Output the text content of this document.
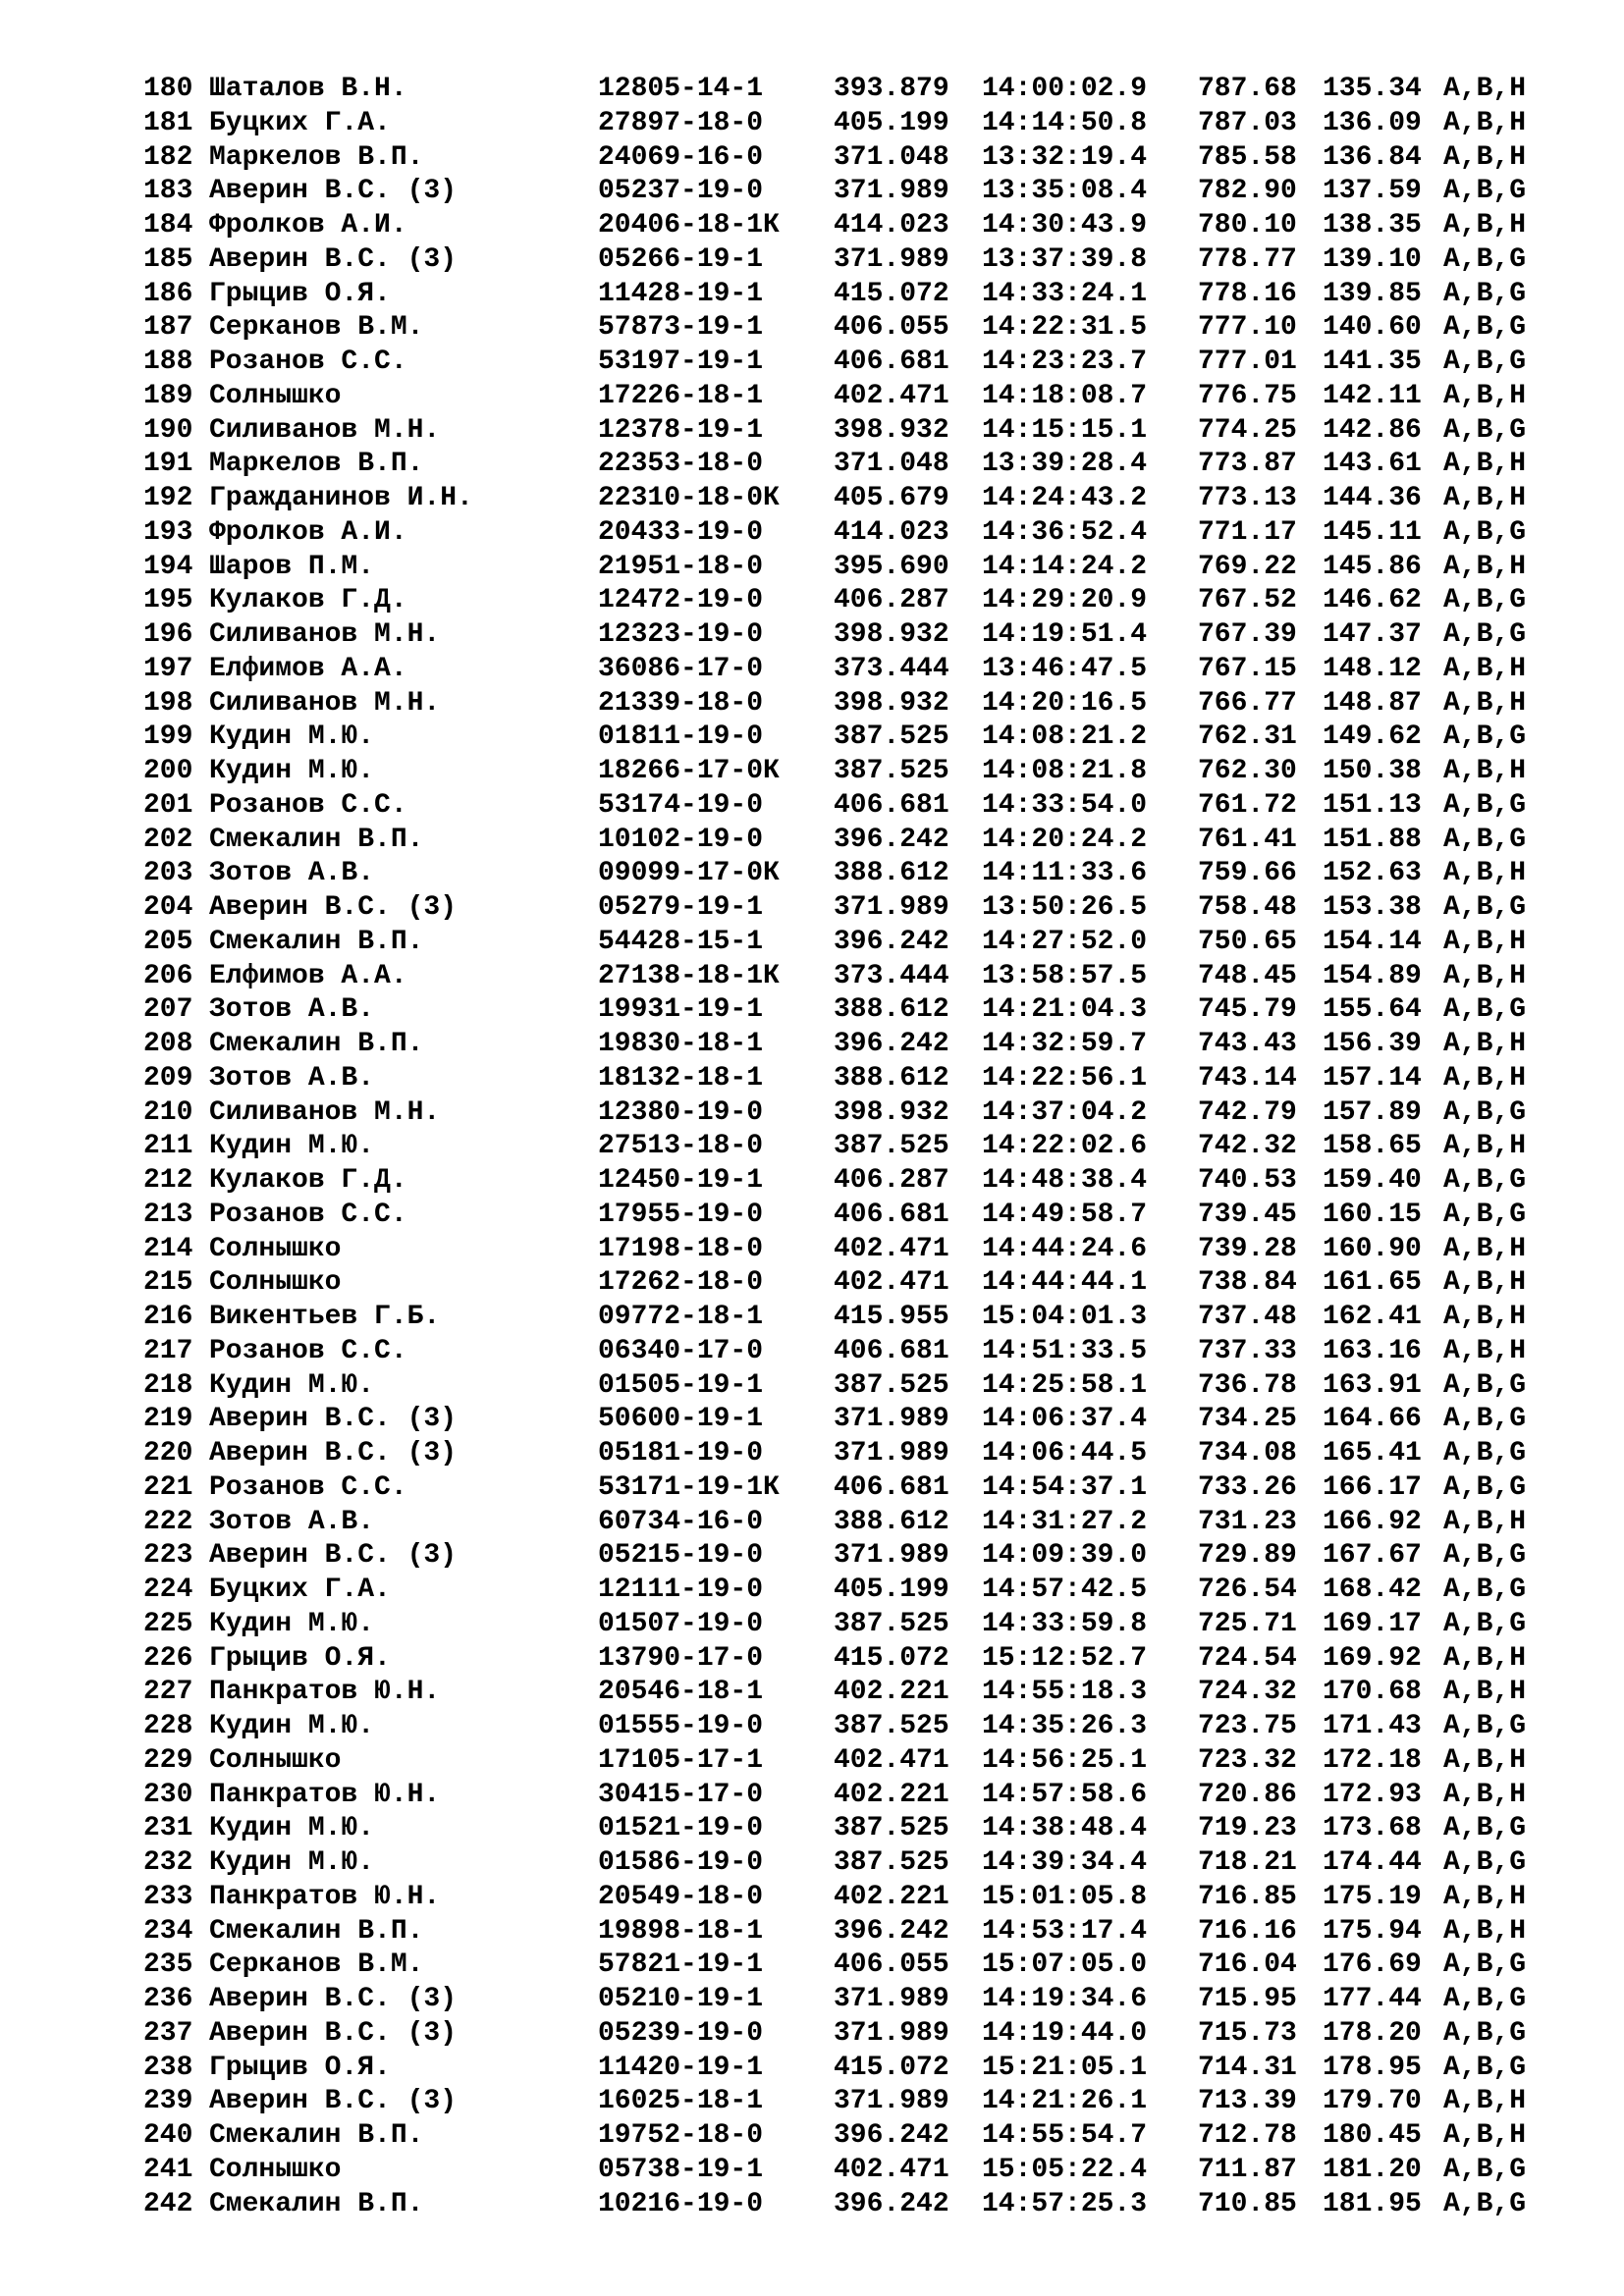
180 Шаталов В.Н.	12805-14-1	393.879	14:00:02.9	787.68 135.34 A,B,H
181 Буцких Г.А.	27897-18-0	405.199	14:14:50.8	787.03 136.09 A,B,H
182 Маркелов В.П.	24069-16-0	371.048	13:32:19.4	785.58 136.84 A,B,H
183 Аверин В.С. (3)	05237-19-0	371.989	13:35:08.4	782.90 137.59 A,B,G
184 Фролков А.И.	20406-18-1К	414.023	14:30:43.9	780.10 138.35 A,B,H
185 Аверин В.С. (3)	05266-19-1	371.989	13:37:39.8	778.77 139.10 A,B,G
186 Грыцив О.Я.	11428-19-1	415.072	14:33:24.1	778.16 139.85 A,B,G
187 Серканов В.М.	57873-19-1	406.055	14:22:31.5	777.10 140.60 A,B,G
188 Розанов С.С.	53197-19-1	406.681	14:23:23.7	777.01 141.35 A,B,G
189 Солнышко	17226-18-1	402.471	14:18:08.7	776.75 142.11 A,B,H
190 Силиванов М.Н.	12378-19-1	398.932	14:15:15.1	774.25 142.86 A,B,G
191 Маркелов В.П.	22353-18-0	371.048	13:39:28.4	773.87 143.61 A,B,H
192 Гражданинов И.Н.	22310-18-0К	405.679	14:24:43.2	773.13 144.36 A,B,H
193 Фролков А.И.	20433-19-0	414.023	14:36:52.4	771.17 145.11 A,B,G
194 Шаров П.М.	21951-18-0	395.690	14:14:24.2	769.22 145.86 A,B,H
195 Кулаков Г.Д.	12472-19-0	406.287	14:29:20.9	767.52 146.62 A,B,G
196 Силиванов М.Н.	12323-19-0	398.932	14:19:51.4	767.39 147.37 A,B,G
197 Елфимов А.А.	36086-17-0	373.444	13:46:47.5	767.15 148.12 A,B,H
198 Силиванов М.Н.	21339-18-0	398.932	14:20:16.5	766.77 148.87 A,B,H
199 Кудин М.Ю.	01811-19-0	387.525	14:08:21.2	762.31 149.62 A,B,G
200 Кудин М.Ю.	18266-17-0К	387.525	14:08:21.8	762.30 150.38 A,B,H
201 Розанов С.С.	53174-19-0	406.681	14:33:54.0	761.72 151.13 A,B,G
202 Смекалин В.П.	10102-19-0	396.242	14:20:24.2	761.41 151.88 A,B,G
203 Зотов А.В.	09099-17-0К	388.612	14:11:33.6	759.66 152.63 A,B,H
204 Аверин В.С. (3)	05279-19-1	371.989	13:50:26.5	758.48 153.38 A,B,G
205 Смекалин В.П.	54428-15-1	396.242	14:27:52.0	750.65 154.14 A,B,H
206 Елфимов А.А.	27138-18-1К	373.444	13:58:57.5	748.45 154.89 A,B,H
207 Зотов А.В.	19931-19-1	388.612	14:21:04.3	745.79 155.64 A,B,G
208 Смекалин В.П.	19830-18-1	396.242	14:32:59.7	743.43 156.39 A,B,H
209 Зотов А.В.	18132-18-1	388.612	14:22:56.1	743.14 157.14 A,B,H
210 Силиванов М.Н.	12380-19-0	398.932	14:37:04.2	742.79 157.89 A,B,G
211 Кудин М.Ю.	27513-18-0	387.525	14:22:02.6	742.32 158.65 A,B,H
212 Кулаков Г.Д.	12450-19-1	406.287	14:48:38.4	740.53 159.40 A,B,G
213 Розанов С.С.	17955-19-0	406.681	14:49:58.7	739.45 160.15 A,B,G
214 Солнышко	17198-18-0	402.471	14:44:24.6	739.28 160.90 A,B,H
215 Солнышко	17262-18-0	402.471	14:44:44.1	738.84 161.65 A,B,H
216 Викентьев Г.Б.	09772-18-1	415.955	15:04:01.3	737.48 162.41 A,B,H
217 Розанов С.С.	06340-17-0	406.681	14:51:33.5	737.33 163.16 A,B,H
218 Кудин М.Ю.	01505-19-1	387.525	14:25:58.1	736.78 163.91 A,B,G
219 Аверин В.С. (3)	50600-19-1	371.989	14:06:37.4	734.25 164.66 A,B,G
220 Аверин В.С. (3)	05181-19-0	371.989	14:06:44.5	734.08 165.41 A,B,G
221 Розанов С.С.	53171-19-1К	406.681	14:54:37.1	733.26 166.17 A,B,G
222 Зотов А.В.	60734-16-0	388.612	14:31:27.2	731.23 166.92 A,B,H
223 Аверин В.С. (3)	05215-19-0	371.989	14:09:39.0	729.89 167.67 A,B,G
224 Буцких Г.А.	12111-19-0	405.199	14:57:42.5	726.54 168.42 A,B,G
225 Кудин М.Ю.	01507-19-0	387.525	14:33:59.8	725.71 169.17 A,B,G
226 Грыцив О.Я.	13790-17-0	415.072	15:12:52.7	724.54 169.92 A,B,H
227 Панкратов Ю.Н.	20546-18-1	402.221	14:55:18.3	724.32 170.68 A,B,H
228 Кудин М.Ю.	01555-19-0	387.525	14:35:26.3	723.75 171.43 A,B,G
229 Солнышко	17105-17-1	402.471	14:56:25.1	723.32 172.18 A,B,H
230 Панкратов Ю.Н.	30415-17-0	402.221	14:57:58.6	720.86 172.93 A,B,H
231 Кудин М.Ю.	01521-19-0	387.525	14:38:48.4	719.23 173.68 A,B,G
232 Кудин М.Ю.	01586-19-0	387.525	14:39:34.4	718.21 174.44 A,B,G
233 Панкратов Ю.Н.	20549-18-0	402.221	15:01:05.8	716.85 175.19 A,B,H
234 Смекалин В.П.	19898-18-1	396.242	14:53:17.4	716.16 175.94 A,B,H
235 Серканов В.М.	57821-19-1	406.055	15:07:05.0	716.04 176.69 A,B,G
236 Аверин В.С. (3)	05210-19-1	371.989	14:19:34.6	715.95 177.44 A,B,G
237 Аверин В.С. (3)	05239-19-0	371.989	14:19:44.0	715.73 178.20 A,B,G
238 Грыцив О.Я.	11420-19-1	415.072	15:21:05.1	714.31 178.95 A,B,G
239 Аверин В.С. (3)	16025-18-1	371.989	14:21:26.1	713.39 179.70 A,B,H
240 Смекалин В.П.	19752-18-0	396.242	14:55:54.7	712.78 180.45 A,B,H
241 Солнышко	05738-19-1	402.471	15:05:22.4	711.87 181.20 A,B,G
242 Смекалин В.П.	10216-19-0	396.242	14:57:25.3	710.85 181.95 A,B,G
